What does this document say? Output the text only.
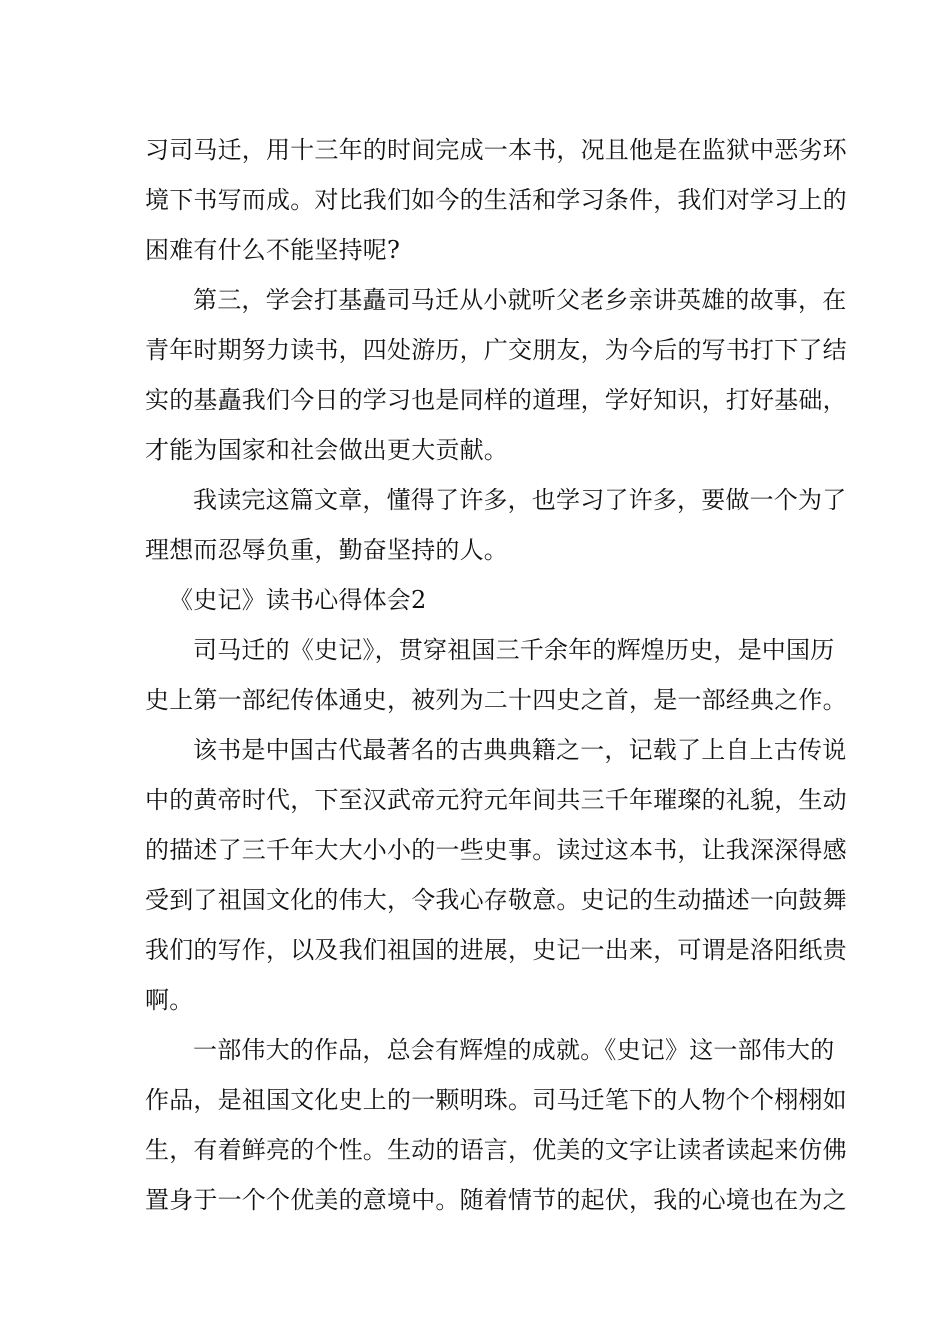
习司马迁，用十三年的时间完成一本书，况且他是在监狱中恶劣环
境下书写而成。对比我们如今的生活和学习条件，我们对学习上的
困难有什么不能坚持呢?
第三，学会打基矗司马迁从小就听父老乡亲讲英雄的故事，在
青年时期努力读书，四处游历，广交朋友，为今后的写书打下了结
实的基矗我们今日的学习也是同样的道理，学好知识，打好基础，
才能为国家和社会做出更大贡献。
我读完这篇文章，懂得了许多，也学习了许多，要做一个为了
理想而忍辱负重，勤奋坚持的人。
《史记》读书心得体会2
司马迁的《史记》，贯穿祖国三千余年的辉煌历史，是中国历
史上第一部纪传体通史，被列为二十四史之首，是一部经典之作。
该书是中国古代最著名的古典典籍之一，记载了上自上古传说
中的黄帝时代，下至汉武帝元狩元年间共三千年璀璨的礼貌，生动
的描述了三千年大大小小的一些史事。读过这本书，让我深深得感
受到了祖国文化的伟大，令我心存敬意。史记的生动描述一向鼓舞
我们的写作，以及我们祖国的进展，史记一出来，可谓是洛阳纸贵
啊。
一部伟大的作品，总会有辉煌的成就。《史记》这一部伟大的
作品，是祖国文化史上的一颗明珠。司马迁笔下的人物个个栩栩如
生，有着鲜亮的个性。生动的语言，优美的文字让读者读起来仿佛
置身于一个个优美的意境中。随着情节的起伏，我的心境也在为之
